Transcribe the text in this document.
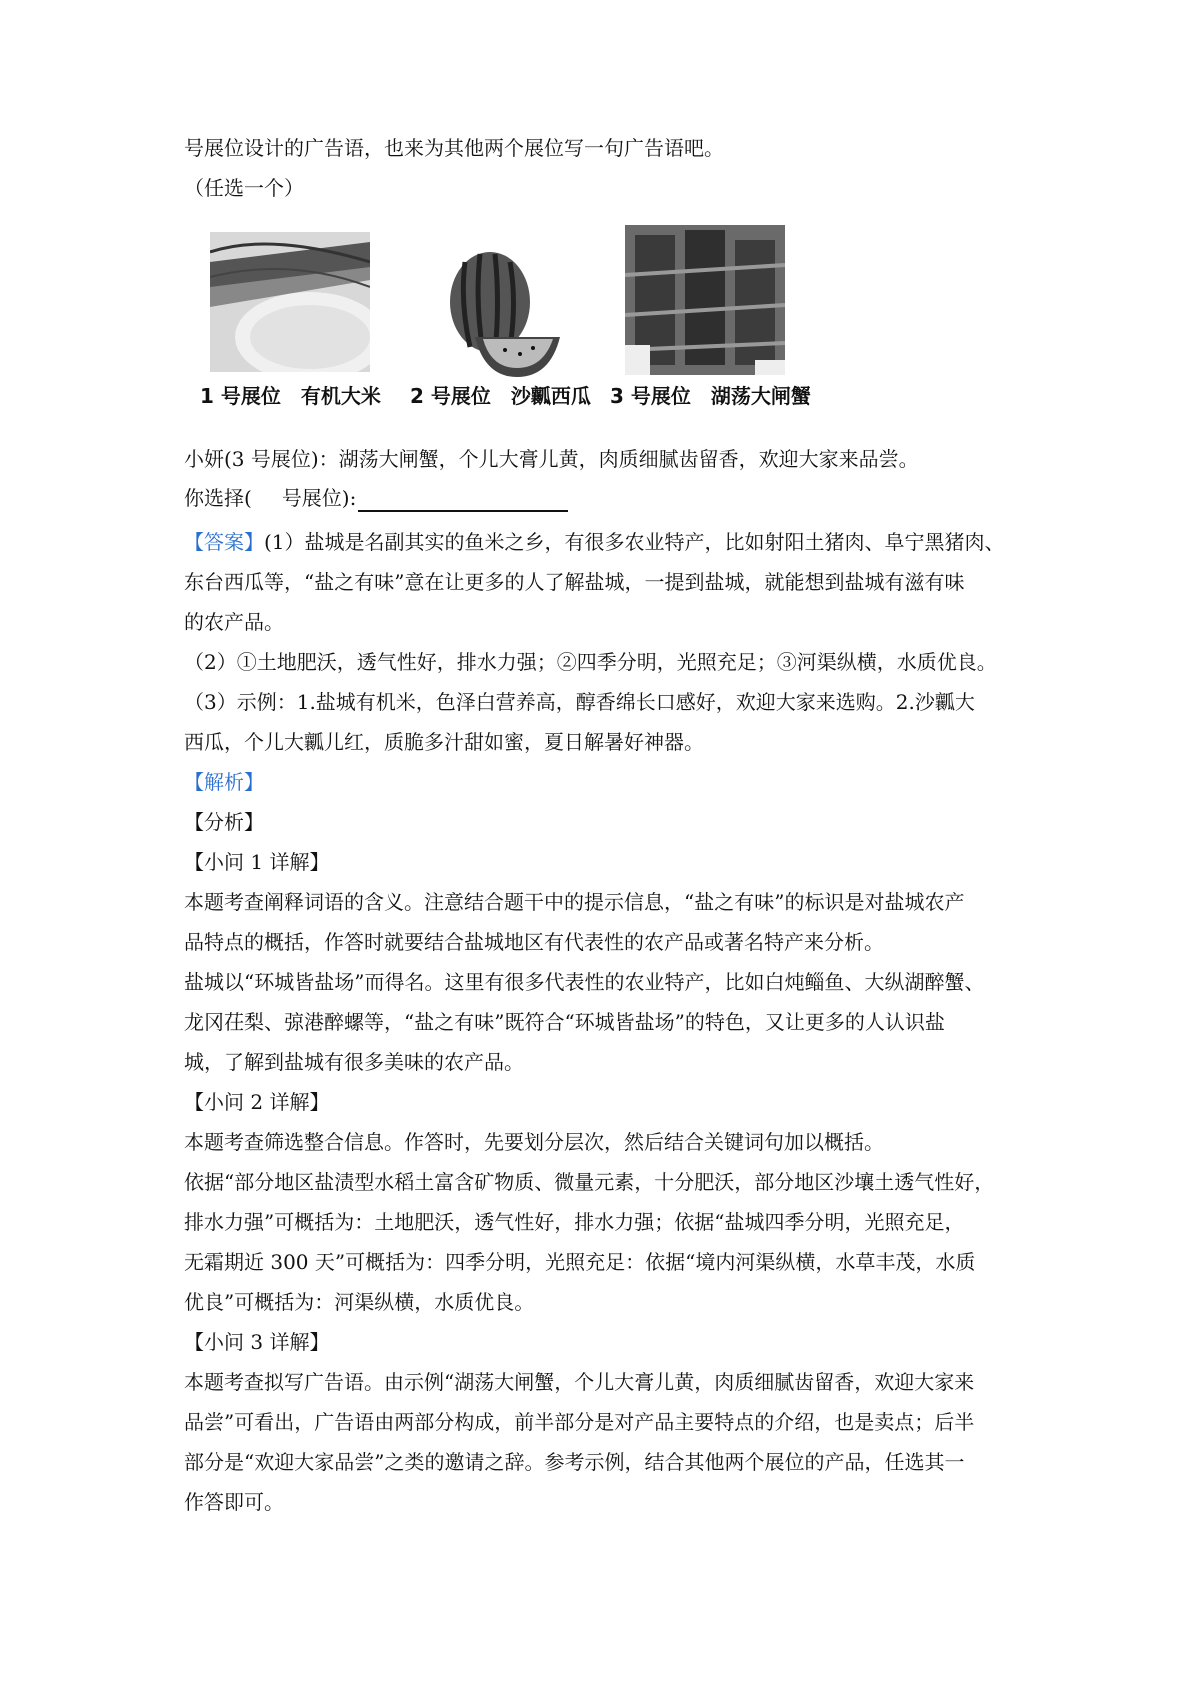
号展位设计的广告语，也来为其他两个展位写一句广告语吧。
（任选一个）
1 号展位　有机大米 2 号展位　沙瓤西瓜 3 号展位　湖荡大闸蟹
小妍(3 号展位)：湖荡大闸蟹，个儿大膏儿黄，肉质细腻齿留香，欢迎大家来品尝。
你选择( 号展位):
【答案】(1）盐城是名副其实的鱼米之乡，有很多农业特产，比如射阳土猪肉、阜宁黑猪肉、
东台西瓜等，“盐之有味”意在让更多的人了解盐城，一提到盐城，就能想到盐城有滋有味
的农产品。
（2）①土地肥沃，透气性好，排水力强；②四季分明，光照充足；③河渠纵横，水质优良。
（3）示例：1.盐城有机米，色泽白营养高，醇香绵长口感好，欢迎大家来选购。2.沙瓤大
西瓜，个儿大瓤儿红，质脆多汁甜如蜜，夏日解暑好神器。
【解析】
【分析】
【小问 1 详解】
本题考查阐释词语的含义。注意结合题干中的提示信息，“盐之有味”的标识是对盐城农产
品特点的概括，作答时就要结合盐城地区有代表性的农产品或著名特产来分析。
盐城以“环城皆盐场”而得名。这里有很多代表性的农业特产，比如白炖鲻鱼、大纵湖醉蟹、
龙冈茌梨、弶港醉螺等，“盐之有味”既符合“环城皆盐场”的特色，又让更多的人认识盐
城，了解到盐城有很多美味的农产品。
【小问 2 详解】
本题考查筛选整合信息。作答时，先要划分层次，然后结合关键词句加以概括。
依据“部分地区盐渍型水稻土富含矿物质、微量元素，十分肥沃，部分地区沙壤土透气性好，
排水力强”可概括为：土地肥沃，透气性好，排水力强；依据“盐城四季分明，光照充足，
无霜期近 300 天”可概括为：四季分明，光照充足：依据“境内河渠纵横，水草丰茂，水质
优良”可概括为：河渠纵横，水质优良。
【小问 3 详解】
本题考查拟写广告语。由示例“湖荡大闸蟹，个儿大膏儿黄，肉质细腻齿留香，欢迎大家来
品尝”可看出，广告语由两部分构成，前半部分是对产品主要特点的介绍，也是卖点；后半
部分是“欢迎大家品尝”之类的邀请之辞。参考示例，结合其他两个展位的产品，任选其一
作答即可。
